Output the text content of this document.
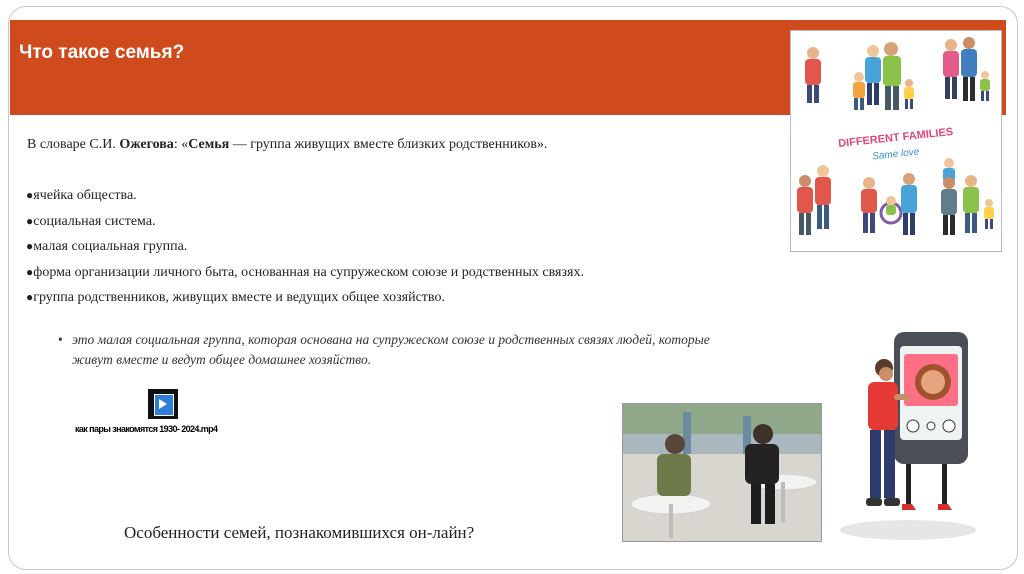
Что такое семья?
В словаре С.И. Ожегова: «Семья — группа живущих вместе близких родственников».
●ячейка общества.
●социальная система.
●малая социальная группа.
●форма организации личного быта, основанная на супружеском союзе и родственных связях.
●группа родственников, живущих вместе и ведущих общее хозяйство.
• это малая социальная группа, которая основана на супружеском союзе и родственных связях людей, которые живут вместе и ведут общее домашнее хозяйство.
как пары знакомятся 1930- 2024.mp4
Особенности семей, познакомившихся он-лайн?
DIFFERENT FAMILIES
Same love
